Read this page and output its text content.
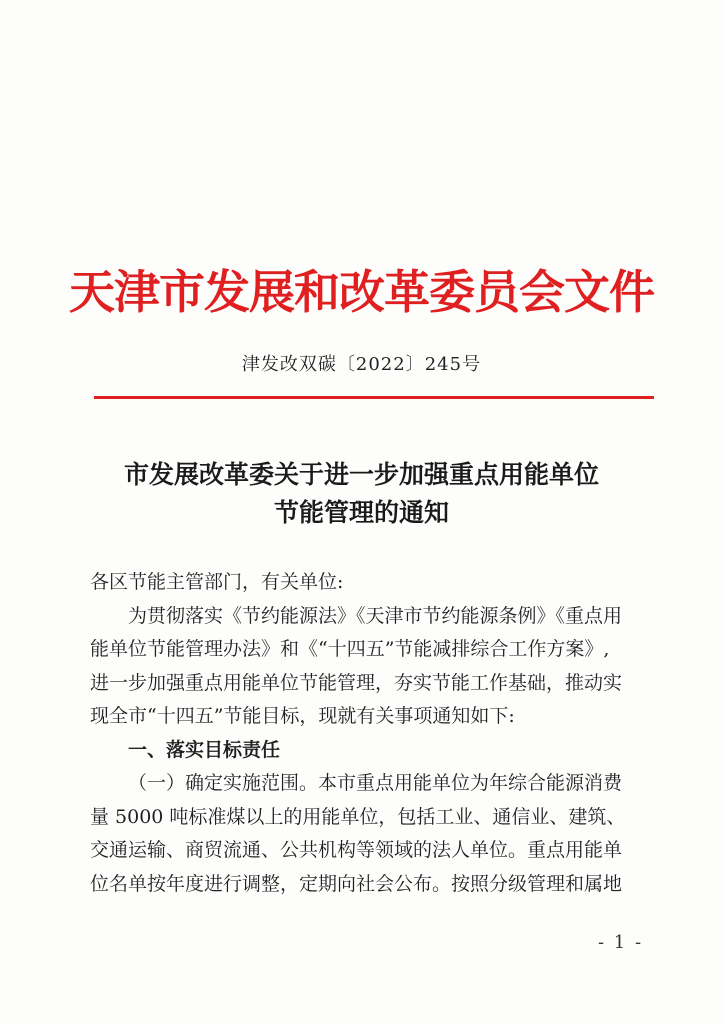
天津市发展和改革委员会文件
津发改双碳〔2022〕245号
市发展改革委关于进一步加强重点用能单位
节能管理的通知

各区节能主管部门，有关单位:

为贯彻落实《节约能源法》《天津市节约能源条例》《重点用

能单位节能管理办法》和《“十四五”节能减排综合工作方案》,

进一步加强重点用能单位节能管理，夯实节能工作基础，推动实

现全市“十四五”节能目标，现就有关事项通知如下:

一、落实目标责任

（一）确定实施范围。本市重点用能单位为年综合能源消费

量 5000 吨标准煤以上的用能单位，包括工业、通信业、建筑、

交通运输、商贸流通、公共机构等领域的法人单位。重点用能单

位名单按年度进行调整，定期向社会公布。按照分级管理和属地

- 1 -
